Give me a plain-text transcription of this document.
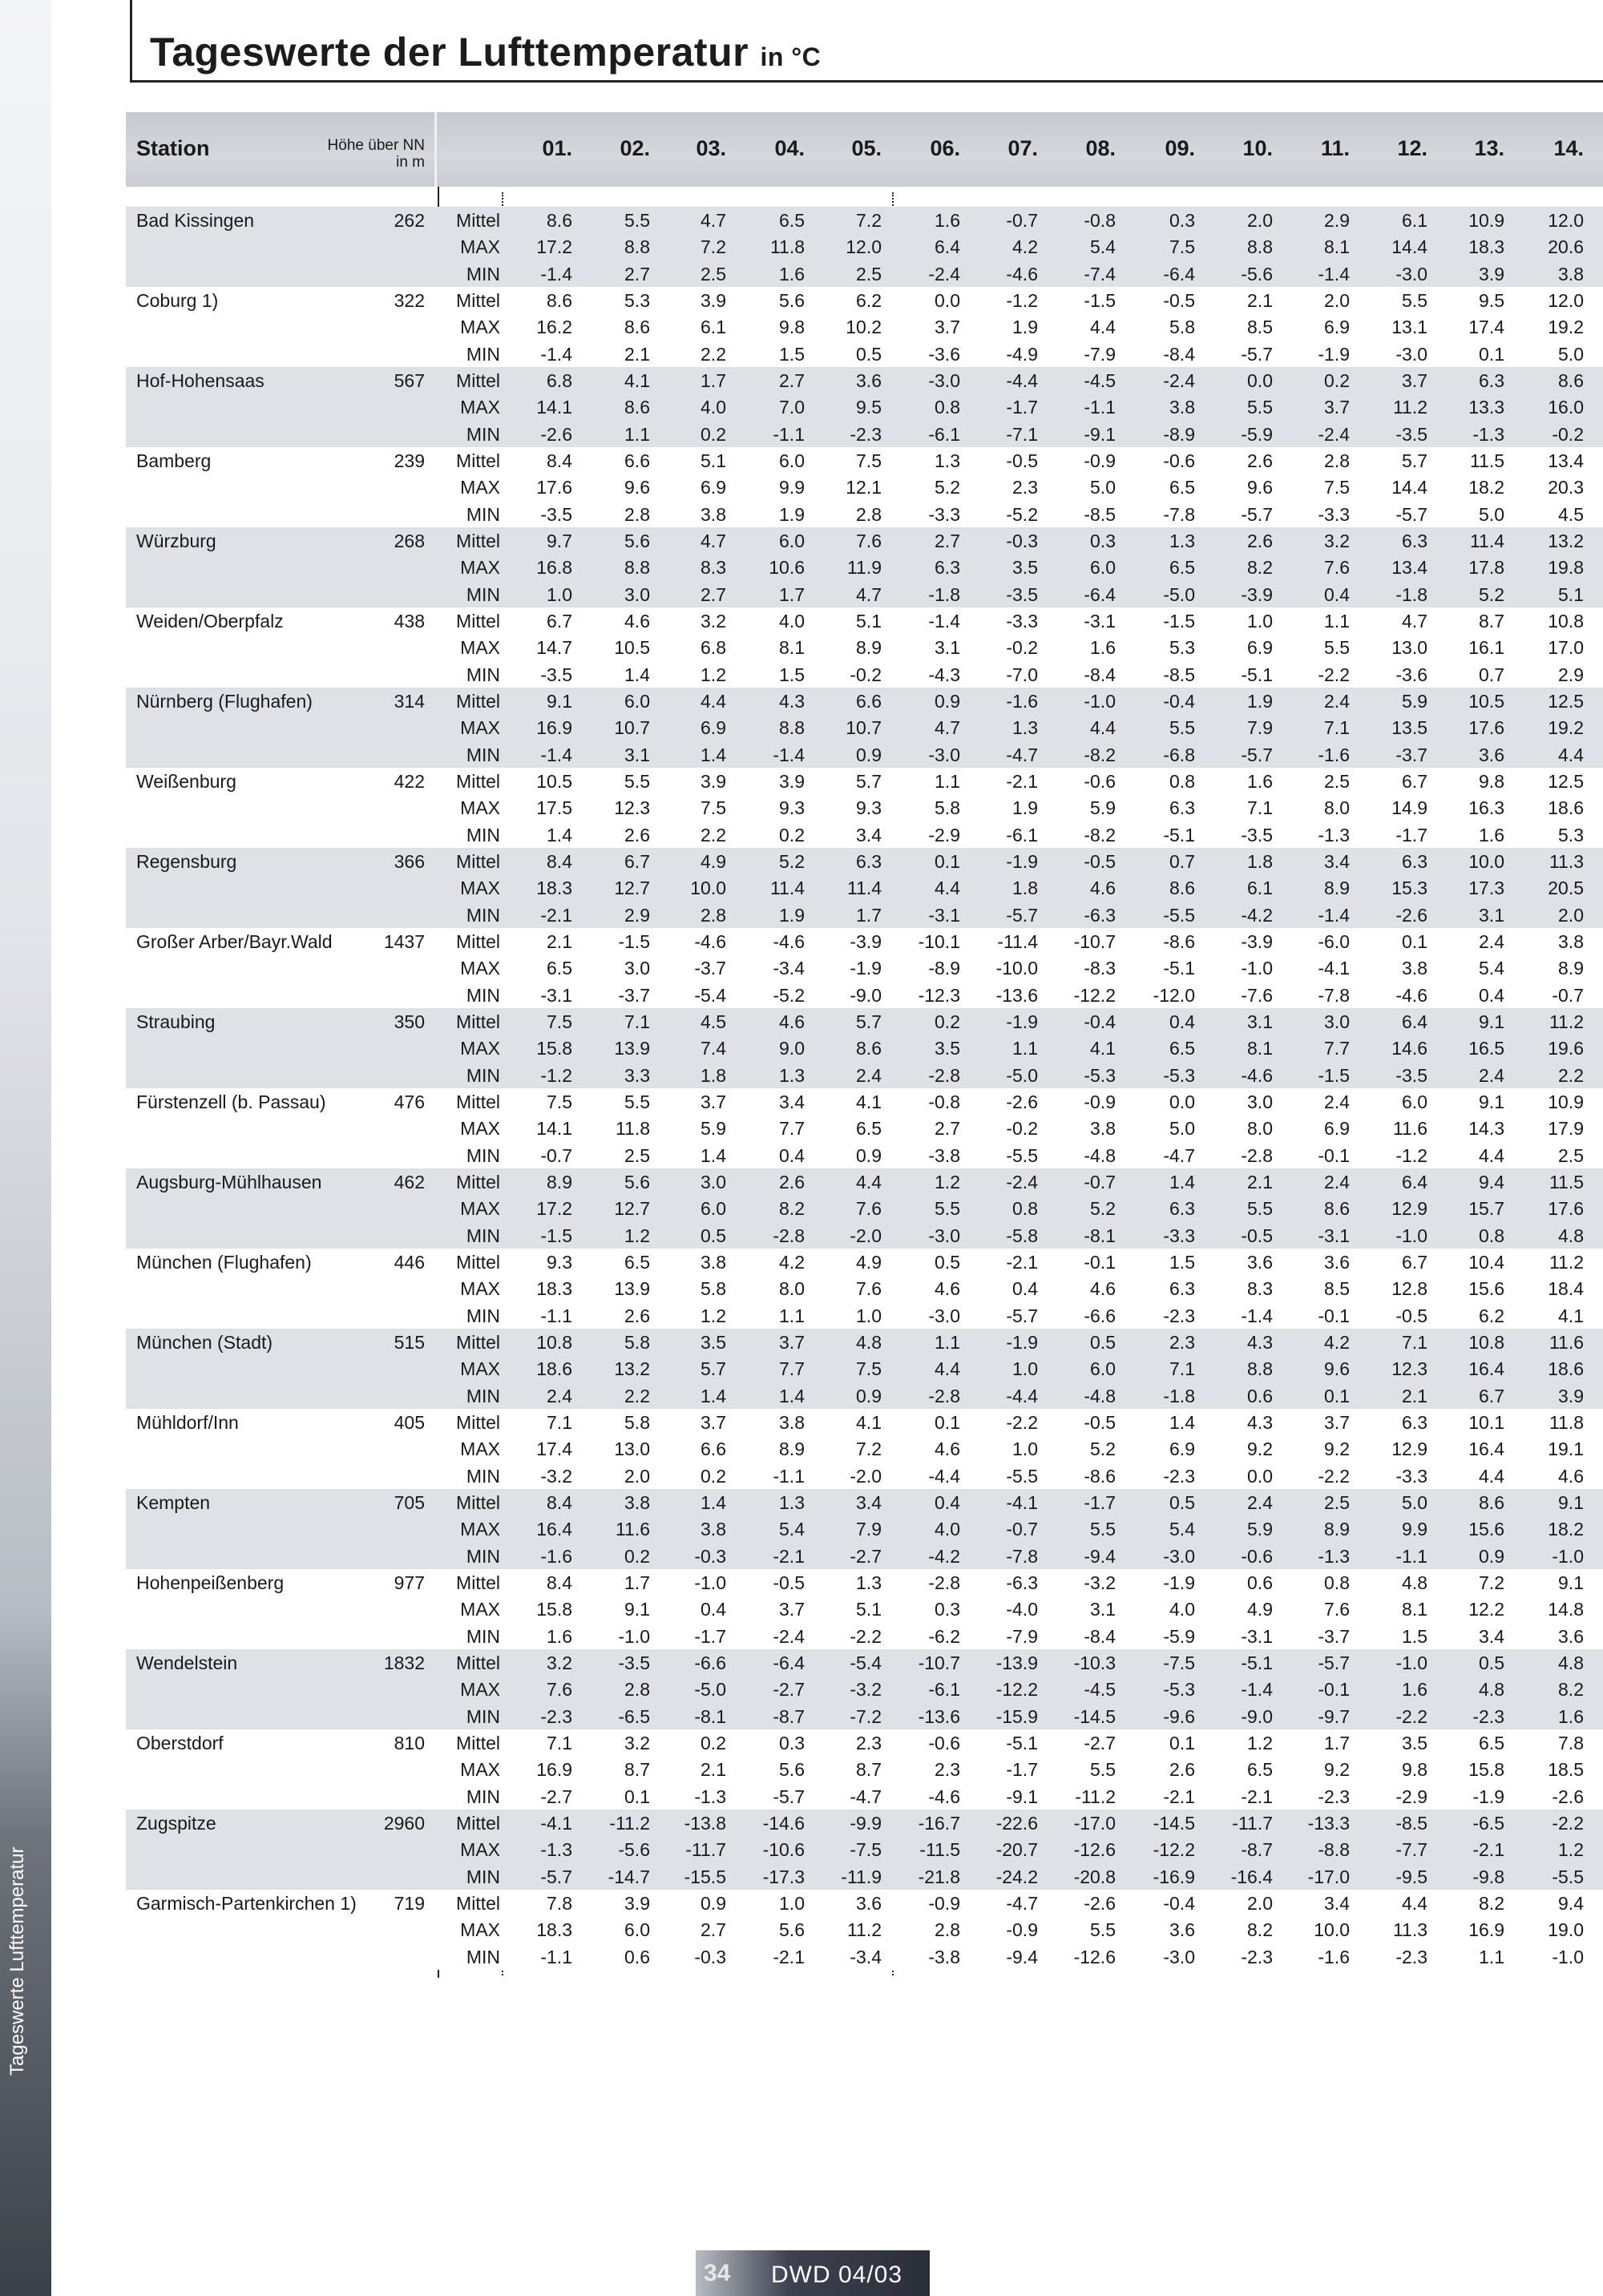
Tageswerte der Lufttemperatur in °C
Station	Höhe über NN
in m
01.	02.	03.	04.	05.	06.	07.	08.	09.	10.	11.	12.	13.	14.
Bad Kissingen	262	Mittel	8.6	5.5	4.7	6.5	7.2	1.6	-0.7	-0.8	0.3	2.0	2.9	6.1	10.9	12.0
MAX	17.2	8.8	7.2	11.8	12.0	6.4	4.2	5.4	7.5	8.8	8.1	14.4	18.3	20.6
MIN	-1.4	2.7	2.5	1.6	2.5	-2.4	-4.6	-7.4	-6.4	-5.6	-1.4	-3.0	3.9	3.8
Coburg 1)	322	Mittel	8.6	5.3	3.9	5.6	6.2	0.0	-1.2	-1.5	-0.5	2.1	2.0	5.5	9.5	12.0
MAX	16.2	8.6	6.1	9.8	10.2	3.7	1.9	4.4	5.8	8.5	6.9	13.1	17.4	19.2
MIN	-1.4	2.1	2.2	1.5	0.5	-3.6	-4.9	-7.9	-8.4	-5.7	-1.9	-3.0	0.1	5.0
Hof-Hohensaas	567	Mittel	6.8	4.1	1.7	2.7	3.6	-3.0	-4.4	-4.5	-2.4	0.0	0.2	3.7	6.3	8.6
MAX	14.1	8.6	4.0	7.0	9.5	0.8	-1.7	-1.1	3.8	5.5	3.7	11.2	13.3	16.0
MIN	-2.6	1.1	0.2	-1.1	-2.3	-6.1	-7.1	-9.1	-8.9	-5.9	-2.4	-3.5	-1.3	-0.2
Bamberg	239	Mittel	8.4	6.6	5.1	6.0	7.5	1.3	-0.5	-0.9	-0.6	2.6	2.8	5.7	11.5	13.4
MAX	17.6	9.6	6.9	9.9	12.1	5.2	2.3	5.0	6.5	9.6	7.5	14.4	18.2	20.3
MIN	-3.5	2.8	3.8	1.9	2.8	-3.3	-5.2	-8.5	-7.8	-5.7	-3.3	-5.7	5.0	4.5
Würzburg	268	Mittel	9.7	5.6	4.7	6.0	7.6	2.7	-0.3	0.3	1.3	2.6	3.2	6.3	11.4	13.2
MAX	16.8	8.8	8.3	10.6	11.9	6.3	3.5	6.0	6.5	8.2	7.6	13.4	17.8	19.8
MIN	1.0	3.0	2.7	1.7	4.7	-1.8	-3.5	-6.4	-5.0	-3.9	0.4	-1.8	5.2	5.1
Weiden/Oberpfalz	438	Mittel	6.7	4.6	3.2	4.0	5.1	-1.4	-3.3	-3.1	-1.5	1.0	1.1	4.7	8.7	10.8
MAX	14.7	10.5	6.8	8.1	8.9	3.1	-0.2	1.6	5.3	6.9	5.5	13.0	16.1	17.0
MIN	-3.5	1.4	1.2	1.5	-0.2	-4.3	-7.0	-8.4	-8.5	-5.1	-2.2	-3.6	0.7	2.9
Nürnberg (Flughafen)	314	Mittel	9.1	6.0	4.4	4.3	6.6	0.9	-1.6	-1.0	-0.4	1.9	2.4	5.9	10.5	12.5
MAX	16.9	10.7	6.9	8.8	10.7	4.7	1.3	4.4	5.5	7.9	7.1	13.5	17.6	19.2
MIN	-1.4	3.1	1.4	-1.4	0.9	-3.0	-4.7	-8.2	-6.8	-5.7	-1.6	-3.7	3.6	4.4
Weißenburg	422	Mittel	10.5	5.5	3.9	3.9	5.7	1.1	-2.1	-0.6	0.8	1.6	2.5	6.7	9.8	12.5
MAX	17.5	12.3	7.5	9.3	9.3	5.8	1.9	5.9	6.3	7.1	8.0	14.9	16.3	18.6
MIN	1.4	2.6	2.2	0.2	3.4	-2.9	-6.1	-8.2	-5.1	-3.5	-1.3	-1.7	1.6	5.3
Regensburg	366	Mittel	8.4	6.7	4.9	5.2	6.3	0.1	-1.9	-0.5	0.7	1.8	3.4	6.3	10.0	11.3
MAX	18.3	12.7	10.0	11.4	11.4	4.4	1.8	4.6	8.6	6.1	8.9	15.3	17.3	20.5
MIN	-2.1	2.9	2.8	1.9	1.7	-3.1	-5.7	-6.3	-5.5	-4.2	-1.4	-2.6	3.1	2.0
Großer Arber/Bayr.Wald	1437	Mittel	2.1	-1.5	-4.6	-4.6	-3.9	-10.1	-11.4	-10.7	-8.6	-3.9	-6.0	0.1	2.4	3.8
MAX	6.5	3.0	-3.7	-3.4	-1.9	-8.9	-10.0	-8.3	-5.1	-1.0	-4.1	3.8	5.4	8.9
MIN	-3.1	-3.7	-5.4	-5.2	-9.0	-12.3	-13.6	-12.2	-12.0	-7.6	-7.8	-4.6	0.4	-0.7
Straubing	350	Mittel	7.5	7.1	4.5	4.6	5.7	0.2	-1.9	-0.4	0.4	3.1	3.0	6.4	9.1	11.2
MAX	15.8	13.9	7.4	9.0	8.6	3.5	1.1	4.1	6.5	8.1	7.7	14.6	16.5	19.6
MIN	-1.2	3.3	1.8	1.3	2.4	-2.8	-5.0	-5.3	-5.3	-4.6	-1.5	-3.5	2.4	2.2
Fürstenzell (b. Passau)	476	Mittel	7.5	5.5	3.7	3.4	4.1	-0.8	-2.6	-0.9	0.0	3.0	2.4	6.0	9.1	10.9
MAX	14.1	11.8	5.9	7.7	6.5	2.7	-0.2	3.8	5.0	8.0	6.9	11.6	14.3	17.9
MIN	-0.7	2.5	1.4	0.4	0.9	-3.8	-5.5	-4.8	-4.7	-2.8	-0.1	-1.2	4.4	2.5
Augsburg-Mühlhausen	462	Mittel	8.9	5.6	3.0	2.6	4.4	1.2	-2.4	-0.7	1.4	2.1	2.4	6.4	9.4	11.5
MAX	17.2	12.7	6.0	8.2	7.6	5.5	0.8	5.2	6.3	5.5	8.6	12.9	15.7	17.6
MIN	-1.5	1.2	0.5	-2.8	-2.0	-3.0	-5.8	-8.1	-3.3	-0.5	-3.1	-1.0	0.8	4.8
München (Flughafen)	446	Mittel	9.3	6.5	3.8	4.2	4.9	0.5	-2.1	-0.1	1.5	3.6	3.6	6.7	10.4	11.2
MAX	18.3	13.9	5.8	8.0	7.6	4.6	0.4	4.6	6.3	8.3	8.5	12.8	15.6	18.4
MIN	-1.1	2.6	1.2	1.1	1.0	-3.0	-5.7	-6.6	-2.3	-1.4	-0.1	-0.5	6.2	4.1
München (Stadt)	515	Mittel	10.8	5.8	3.5	3.7	4.8	1.1	-1.9	0.5	2.3	4.3	4.2	7.1	10.8	11.6
MAX	18.6	13.2	5.7	7.7	7.5	4.4	1.0	6.0	7.1	8.8	9.6	12.3	16.4	18.6
MIN	2.4	2.2	1.4	1.4	0.9	-2.8	-4.4	-4.8	-1.8	0.6	0.1	2.1	6.7	3.9
Mühldorf/Inn	405	Mittel	7.1	5.8	3.7	3.8	4.1	0.1	-2.2	-0.5	1.4	4.3	3.7	6.3	10.1	11.8
MAX	17.4	13.0	6.6	8.9	7.2	4.6	1.0	5.2	6.9	9.2	9.2	12.9	16.4	19.1
MIN	-3.2	2.0	0.2	-1.1	-2.0	-4.4	-5.5	-8.6	-2.3	0.0	-2.2	-3.3	4.4	4.6
Kempten	705	Mittel	8.4	3.8	1.4	1.3	3.4	0.4	-4.1	-1.7	0.5	2.4	2.5	5.0	8.6	9.1
MAX	16.4	11.6	3.8	5.4	7.9	4.0	-0.7	5.5	5.4	5.9	8.9	9.9	15.6	18.2
MIN	-1.6	0.2	-0.3	-2.1	-2.7	-4.2	-7.8	-9.4	-3.0	-0.6	-1.3	-1.1	0.9	-1.0
Hohenpeißenberg	977	Mittel	8.4	1.7	-1.0	-0.5	1.3	-2.8	-6.3	-3.2	-1.9	0.6	0.8	4.8	7.2	9.1
MAX	15.8	9.1	0.4	3.7	5.1	0.3	-4.0	3.1	4.0	4.9	7.6	8.1	12.2	14.8
MIN	1.6	-1.0	-1.7	-2.4	-2.2	-6.2	-7.9	-8.4	-5.9	-3.1	-3.7	1.5	3.4	3.6
Wendelstein	1832	Mittel	3.2	-3.5	-6.6	-6.4	-5.4	-10.7	-13.9	-10.3	-7.5	-5.1	-5.7	-1.0	0.5	4.8
MAX	7.6	2.8	-5.0	-2.7	-3.2	-6.1	-12.2	-4.5	-5.3	-1.4	-0.1	1.6	4.8	8.2
MIN	-2.3	-6.5	-8.1	-8.7	-7.2	-13.6	-15.9	-14.5	-9.6	-9.0	-9.7	-2.2	-2.3	1.6
Oberstdorf	810	Mittel	7.1	3.2	0.2	0.3	2.3	-0.6	-5.1	-2.7	0.1	1.2	1.7	3.5	6.5	7.8
MAX	16.9	8.7	2.1	5.6	8.7	2.3	-1.7	5.5	2.6	6.5	9.2	9.8	15.8	18.5
MIN	-2.7	0.1	-1.3	-5.7	-4.7	-4.6	-9.1	-11.2	-2.1	-2.1	-2.3	-2.9	-1.9	-2.6
Zugspitze	2960	Mittel	-4.1	-11.2	-13.8	-14.6	-9.9	-16.7	-22.6	-17.0	-14.5	-11.7	-13.3	-8.5	-6.5	-2.2
MAX	-1.3	-5.6	-11.7	-10.6	-7.5	-11.5	-20.7	-12.6	-12.2	-8.7	-8.8	-7.7	-2.1	1.2
MIN	-5.7	-14.7	-15.5	-17.3	-11.9	-21.8	-24.2	-20.8	-16.9	-16.4	-17.0	-9.5	-9.8	-5.5
Garmisch-Partenkirchen 1)	719	Mittel	7.8	3.9	0.9	1.0	3.6	-0.9	-4.7	-2.6	-0.4	2.0	3.4	4.4	8.2	9.4
MAX	18.3	6.0	2.7	5.6	11.2	2.8	-0.9	5.5	3.6	8.2	10.0	11.3	16.9	19.0
MIN	-1.1	0.6	-0.3	-2.1	-3.4	-3.8	-9.4	-12.6	-3.0	-2.3	-1.6	-2.3	1.1	-1.0
34 DWD 04/03
